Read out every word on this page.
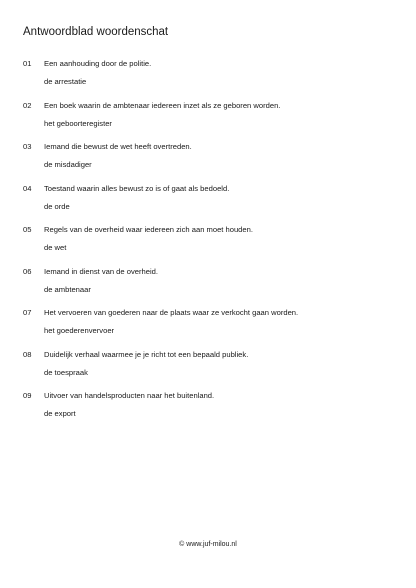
Antwoordblad woordenschat
01 Een aanhouding door de politie.
de arrestatie
02 Een boek waarin de ambtenaar iedereen inzet als ze geboren worden.
het geboorteregister
03 Iemand die bewust de wet heeft overtreden.
de misdadiger
04 Toestand waarin alles bewust zo is of gaat als bedoeld.
de orde
05 Regels van de overheid waar iedereen zich aan moet houden.
de wet
06 Iemand in dienst van de overheid.
de ambtenaar
07 Het vervoeren van goederen naar de plaats waar ze verkocht gaan worden.
het goederenvervoer
08 Duidelijk verhaal waarmee je je richt tot een bepaald publiek.
de toespraak
09 Uitvoer van handelsproducten naar het buitenland.
de export
© www.juf-milou.nl
